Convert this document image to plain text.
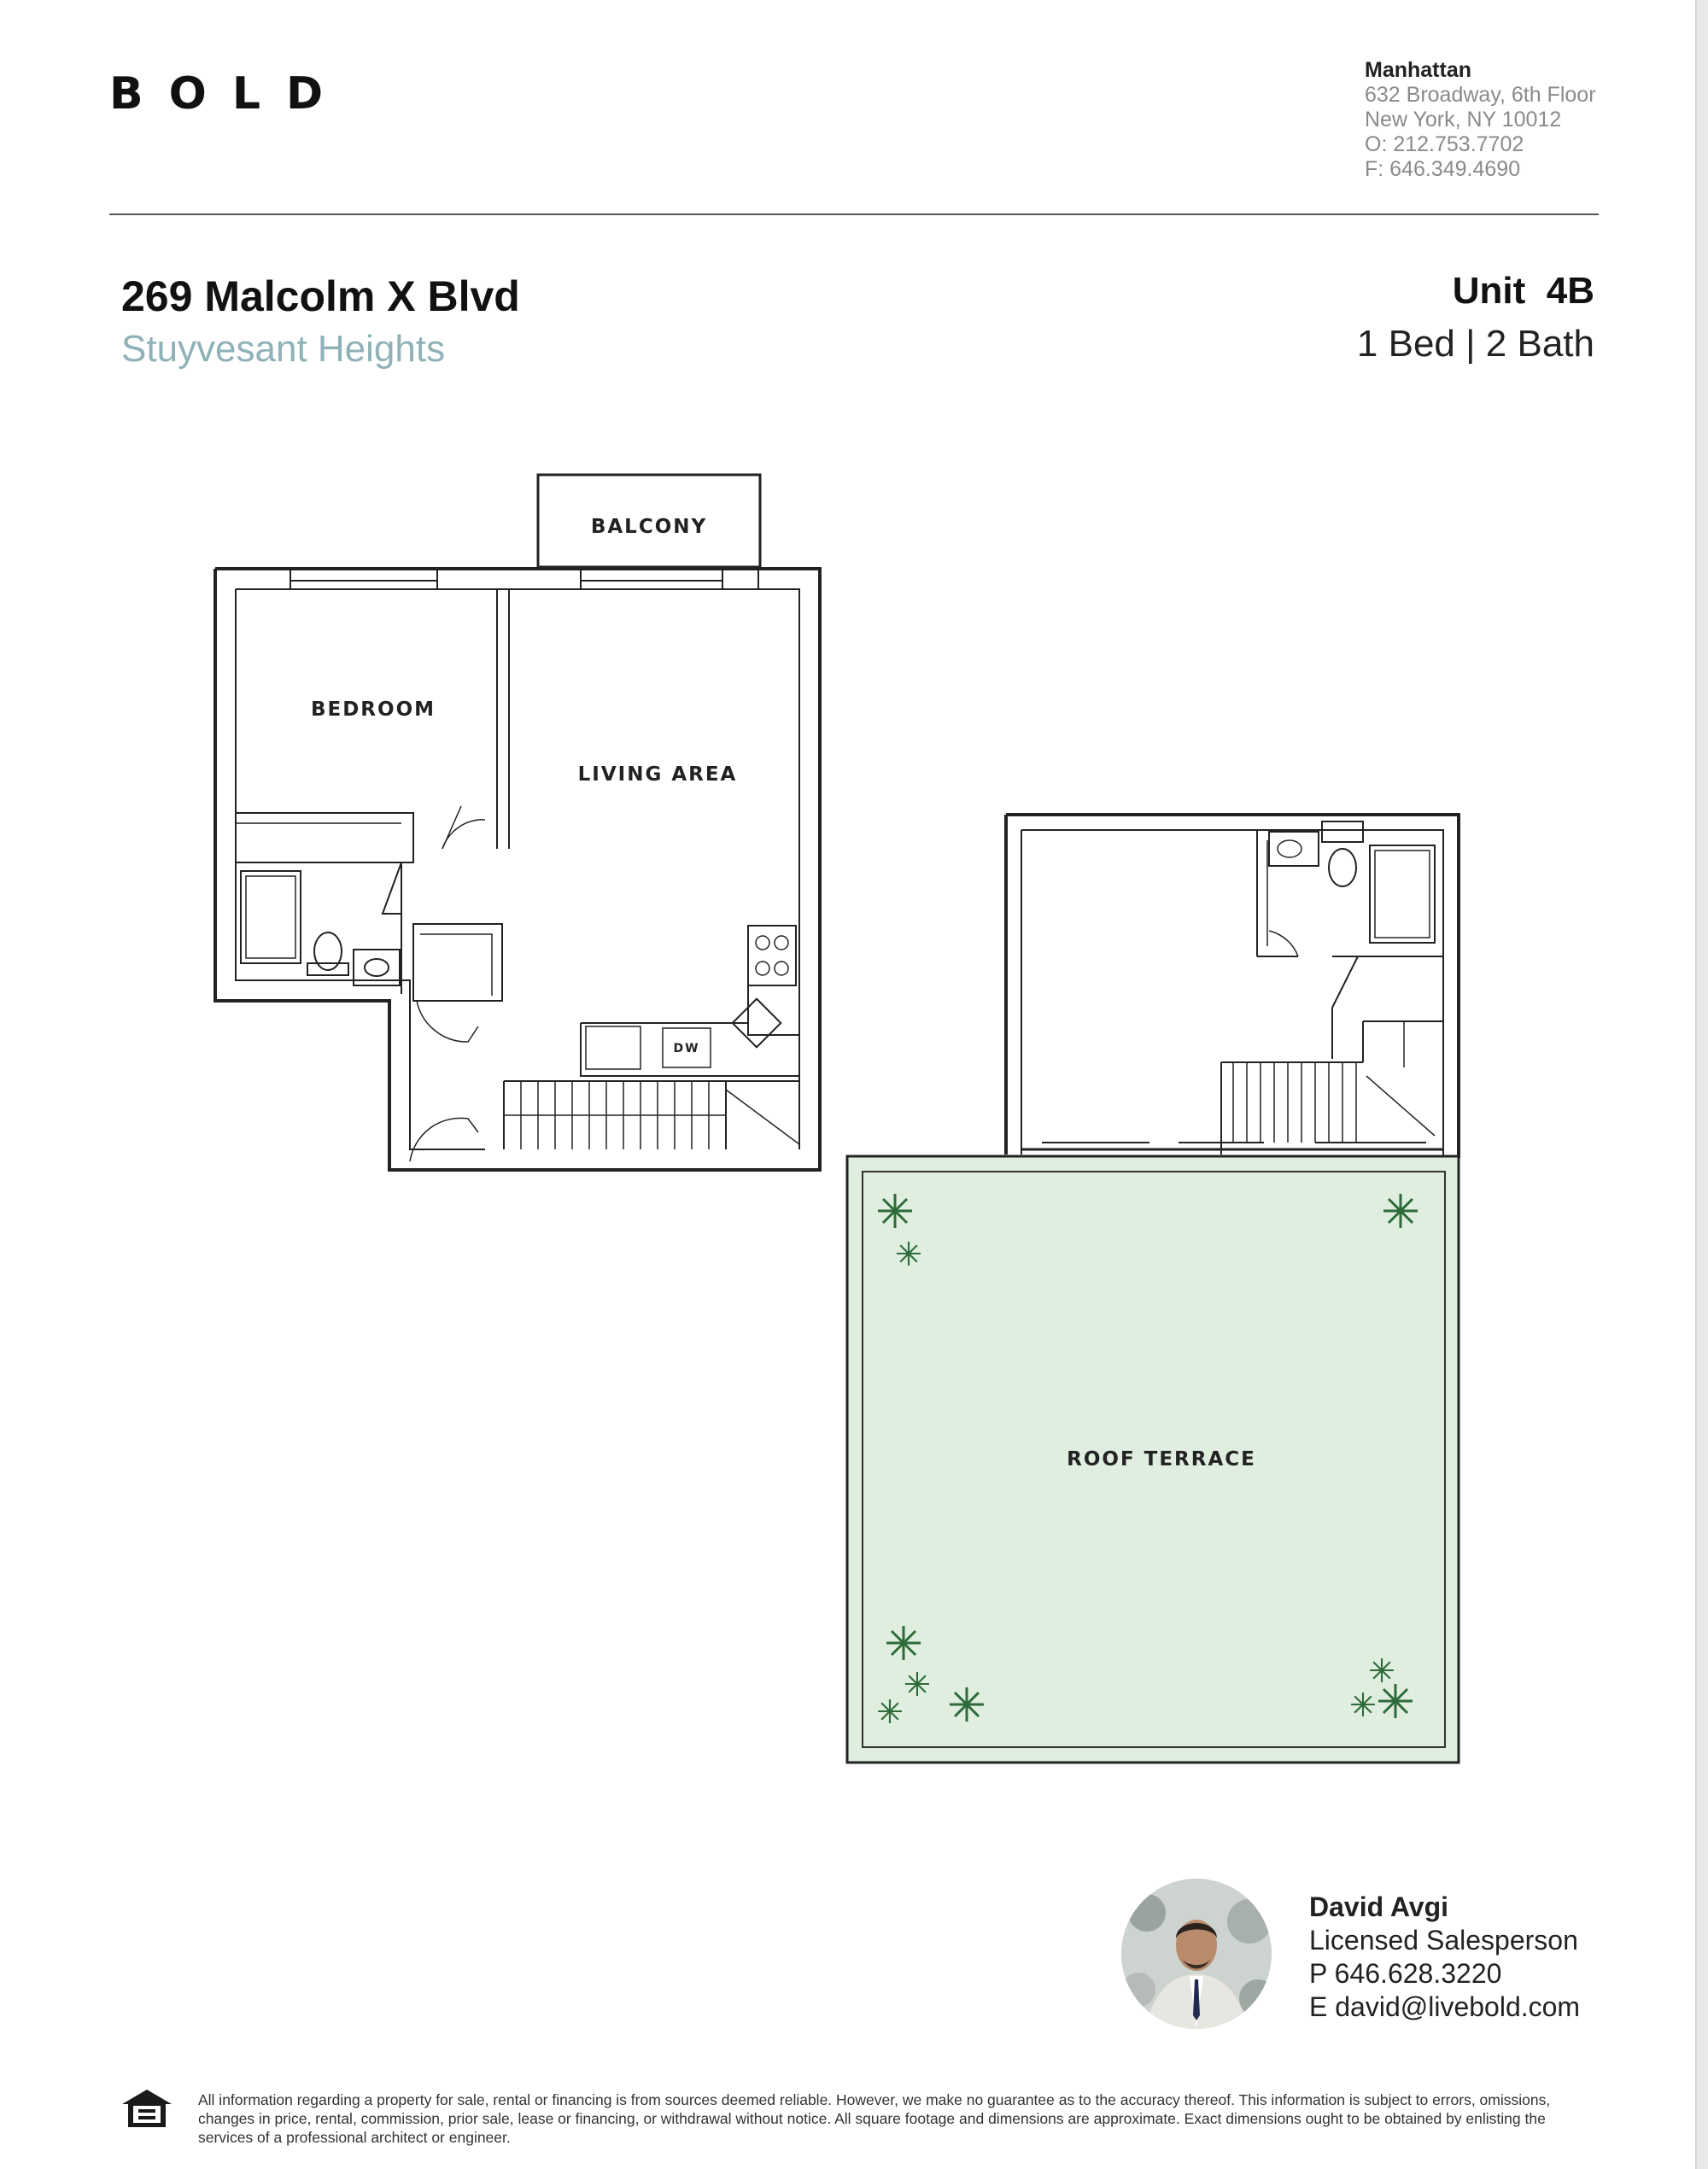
BOLD	Manhattan
632 Broadway, 6th Floor
New York, NY 10012
O: 212.753.7702
F: 646.349.4690
269 Malcolm X Blvd
Stuyvesant Heights
Unit  4B
1 Bed | 2 Bath
BALCONY
BEDROOM
LIVING AREA
DW
ROOF TERRACE
David Avgi
Licensed Salesperson
P 646.628.3220
E david@livebold.com
All information regarding a property for sale, rental or financing is from sources deemed reliable. However, we make no guarantee as to the accuracy thereof. This information is subject to errors, omissions, changes in price, rental, commission, prior sale, lease or financing, or withdrawal without notice. All square footage and dimensions are approximate. Exact dimensions ought to be obtained by enlisting the services of a professional architect or engineer.
